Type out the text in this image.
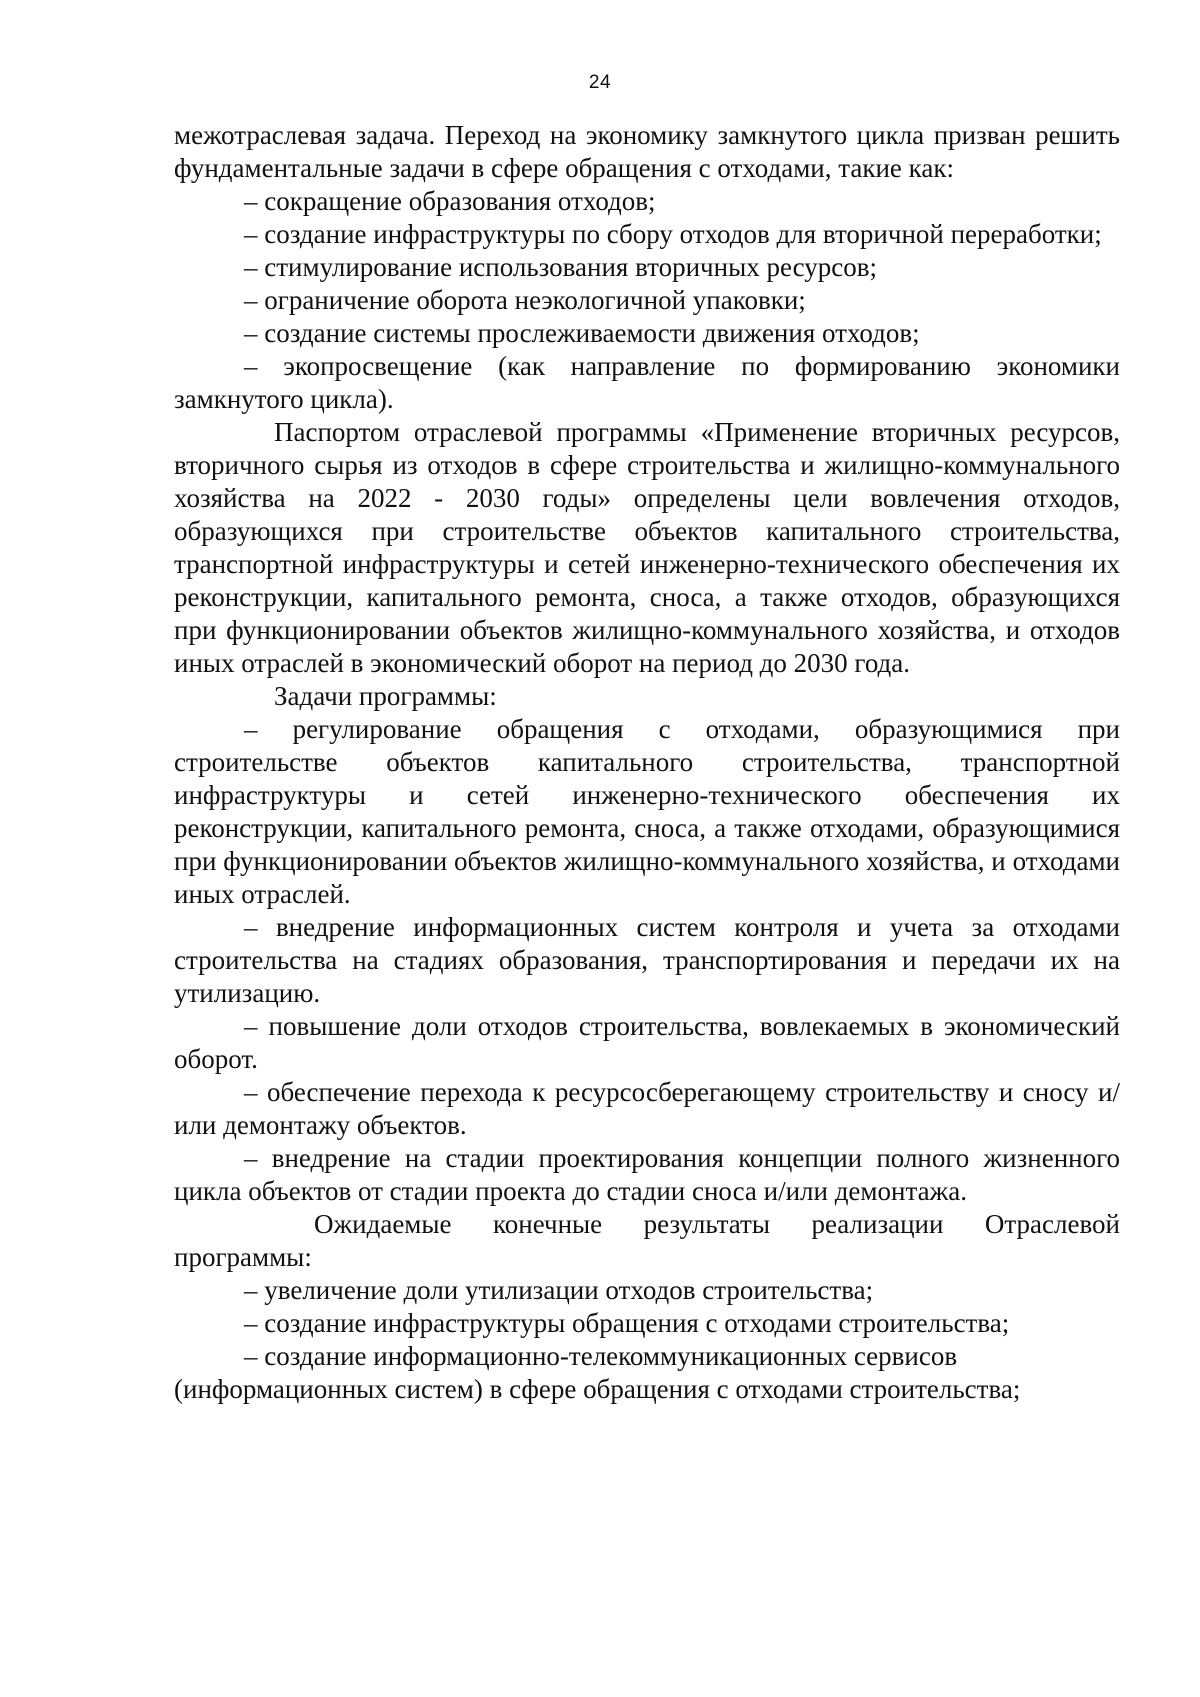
24

межотраслевая задача. Переход на экономику замкнутого цикла призван решить фундаментальные задачи в сфере обращения с отходами, такие как:

– сокращение образования отходов;

– создание инфраструктуры по сбору отходов для вторичной переработки;

– стимулирование использования вторичных ресурсов;

– ограничение оборота неэкологичной упаковки;

– создание системы прослеживаемости движения отходов;

– экопросвещение (как направление по формированию экономики замкнутого цикла).

Паспортом отраслевой программы «Применение вторичных ресурсов, вторичного сырья из отходов в сфере строительства и жилищно-коммунального хозяйства на 2022 - 2030 годы» определены цели вовлечения отходов, образующихся при строительстве объектов капитального строительства, транспортной инфраструктуры и сетей инженерно-технического обеспечения их реконструкции, капитального ремонта, сноса, а также отходов, образующихся при функционировании объектов жилищно-коммунального хозяйства, и отходов иных отраслей в экономический оборот на период до 2030 года.

Задачи программы:

– регулирование обращения с отходами, образующимися при строительстве объектов капитального строительства, транспортной инфраструктуры и сетей инженерно-технического обеспечения их реконструкции, капитального ремонта, сноса, а также отходами, образующимися при функционировании объектов жилищно-коммунального хозяйства, и отходами иных отраслей.

– внедрение информационных систем контроля и учета за отходами строительства на стадиях образования, транспортирования и передачи их на утилизацию.

– повышение доли отходов строительства, вовлекаемых в экономический оборот.

– обеспечение перехода к ресурсосберегающему строительству и сносу и/или демонтажу объектов.

– внедрение на стадии проектирования концепции полного жизненного цикла объектов от стадии проекта до стадии сноса и/или демонтажа.

Ожидаемые конечные результаты реализации Отраслевой программы:

– увеличение доли утилизации отходов строительства;

– создание инфраструктуры обращения с отходами строительства;

– создание информационно-телекоммуникационных сервисов (информационных систем) в сфере обращения с отходами строительства;
